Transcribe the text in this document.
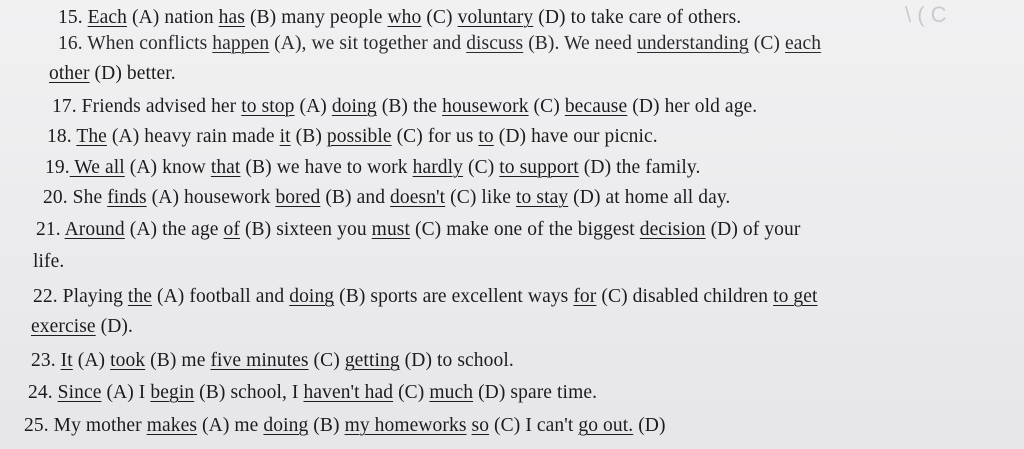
\ ( C
15. Each (A) nation has (B) many people who (C) voluntary (D) to take care of others.
16. When conflicts happen (A), we sit together and discuss (B). We need understanding (C) each
other (D) better.
17. Friends advised her to stop (A) doing (B) the housework (C) because (D) her old age.
18. The (A) heavy rain made it (B) possible (C) for us to (D) have our picnic.
19. We all (A) know that (B) we have to work hardly (C) to support (D) the family.
20. She finds (A) housework bored (B) and doesn't (C) like to stay (D) at home all day.
21. Around (A) the age of (B) sixteen you must (C) make one of the biggest decision (D) of your
life.
22. Playing the (A) football and doing (B) sports are excellent ways for (C) disabled children to get
exercise (D).
23. It (A) took (B) me five minutes (C) getting (D) to school.
24. Since (A) I begin (B) school, I haven't had (C) much (D) spare time.
25. My mother makes (A) me doing (B) my homeworks so (C) I can't go out. (D)
